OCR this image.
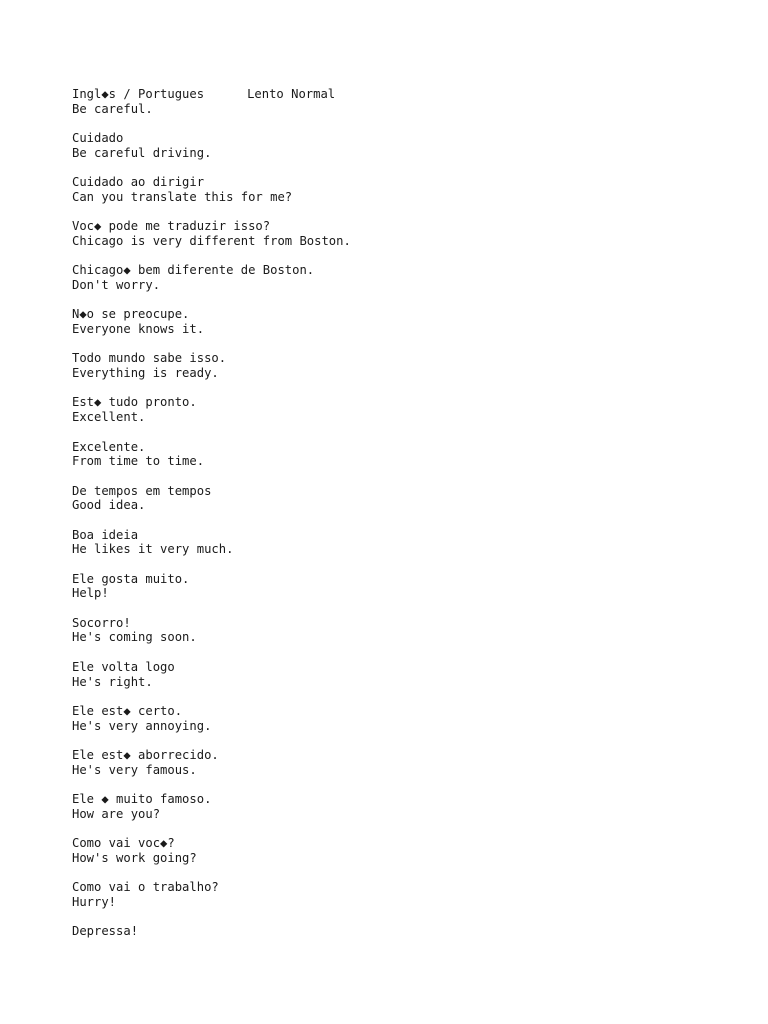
Ingl◆s / Portugues	Lento Normal
Be careful.
Cuidado
Be careful driving.
Cuidado ao dirigir
Can you translate this for me?
Voc◆ pode me traduzir isso?
Chicago is very different from Boston.
Chicago◆ bem diferente de Boston.
Don't worry.
N◆o se preocupe.
Everyone knows it.
Todo mundo sabe isso.
Everything is ready.
Est◆ tudo pronto.
Excellent.
Excelente.
From time to time.
De tempos em tempos
Good idea.
Boa ideia
He likes it very much.
Ele gosta muito.
Help!
Socorro!
He's coming soon.
Ele volta logo
He's right.
Ele est◆ certo.
He's very annoying.
Ele est◆ aborrecido.
He's very famous.
Ele ◆ muito famoso.
How are you?
Como vai voc◆?
How's work going?
Como vai o trabalho?
Hurry!
Depressa!
